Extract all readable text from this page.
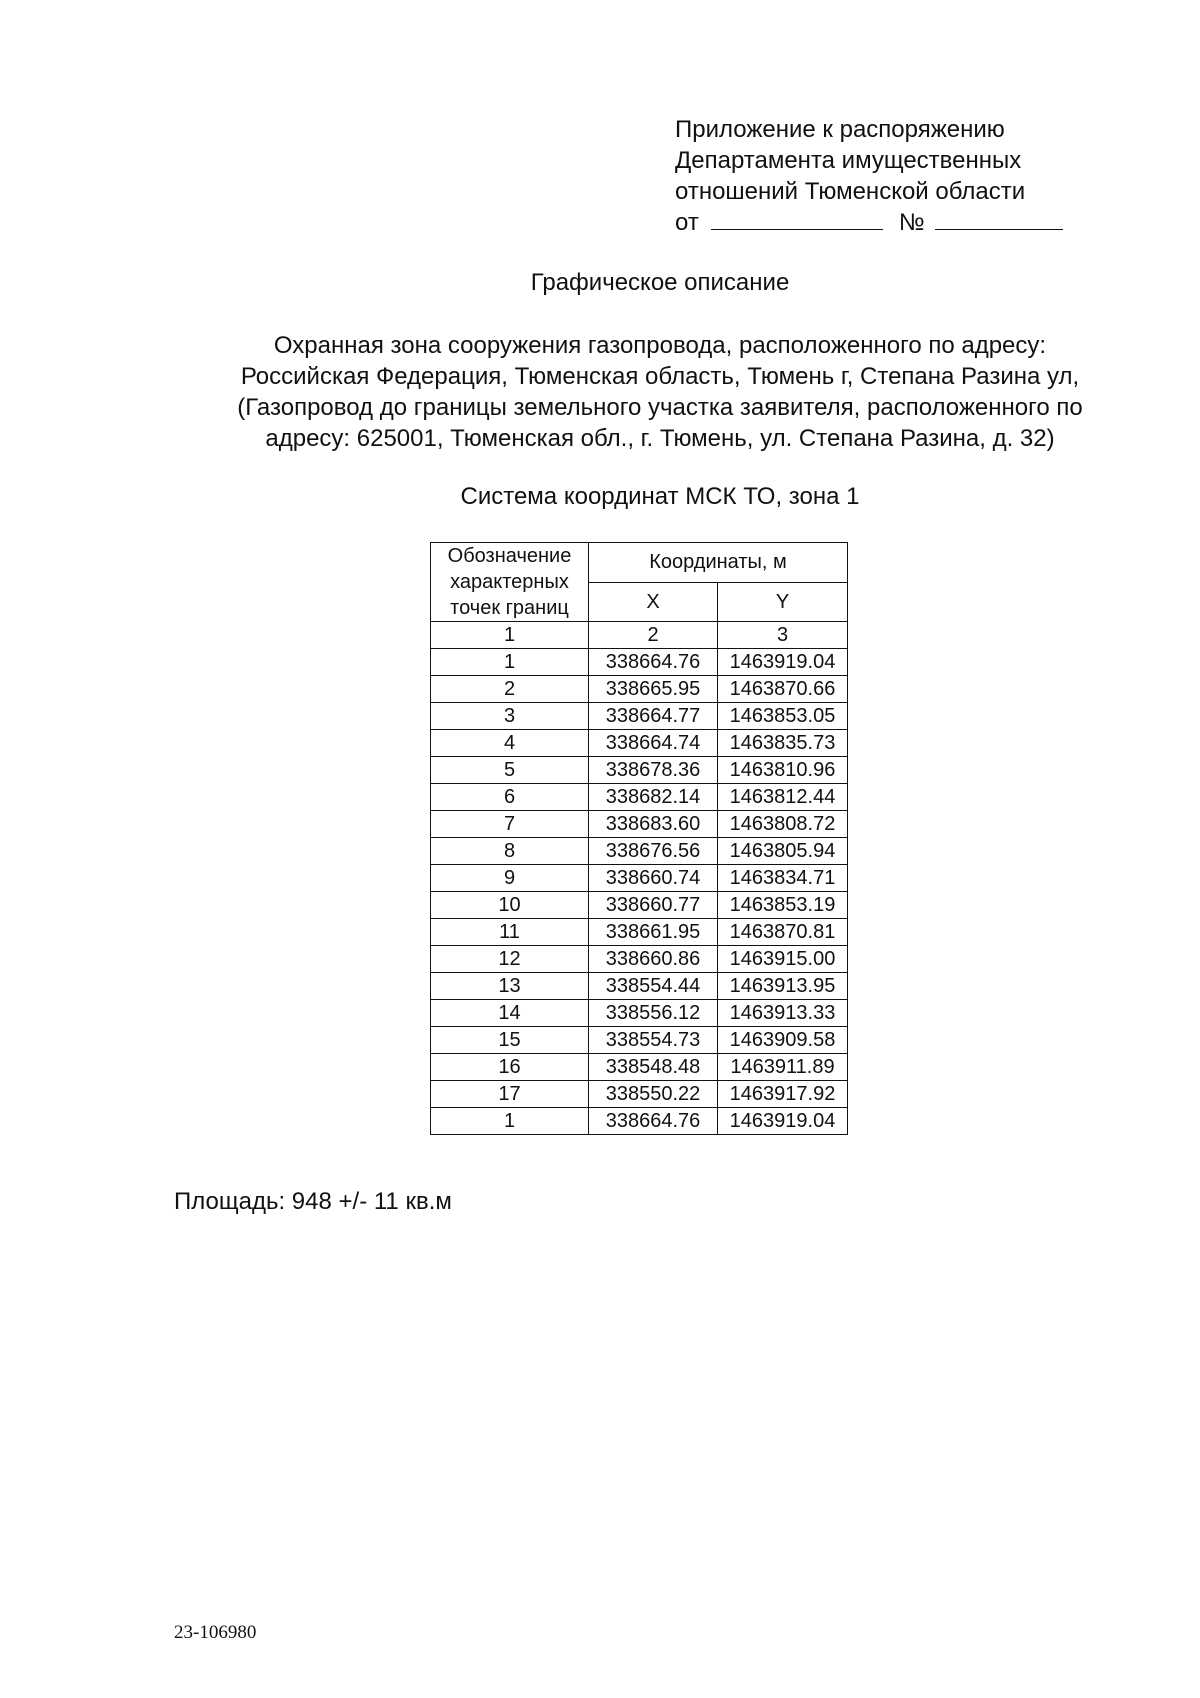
Приложение к распоряжению
Департамента имущественных
отношений Тюменской области
от	№
Графическое описание
Охранная зона сооружения газопровода, расположенного по адресу:
Российская Федерация, Тюменская область, Тюмень г, Степана Разина ул,
(Газопровод до границы земельного участка заявителя, расположенного по
адресу: 625001, Тюменская обл., г. Тюмень, ул. Степана Разина, д. 32)
Система координат МСК ТО, зона 1
Обозначение
характерных
точек границ	Координаты, м	
	X	Y
1	2	3
1	338664.76	1463919.04
2	338665.95	1463870.66
3	338664.77	1463853.05
4	338664.74	1463835.73
5	338678.36	1463810.96
6	338682.14	1463812.44
7	338683.60	1463808.72
8	338676.56	1463805.94
9	338660.74	1463834.71
10	338660.77	1463853.19
11	338661.95	1463870.81
12	338660.86	1463915.00
13	338554.44	1463913.95
14	338556.12	1463913.33
15	338554.73	1463909.58
16	338548.48	1463911.89
17	338550.22	1463917.92
1	338664.76	1463919.04
Площадь: 948 +/- 11 кв.м
23-106980
